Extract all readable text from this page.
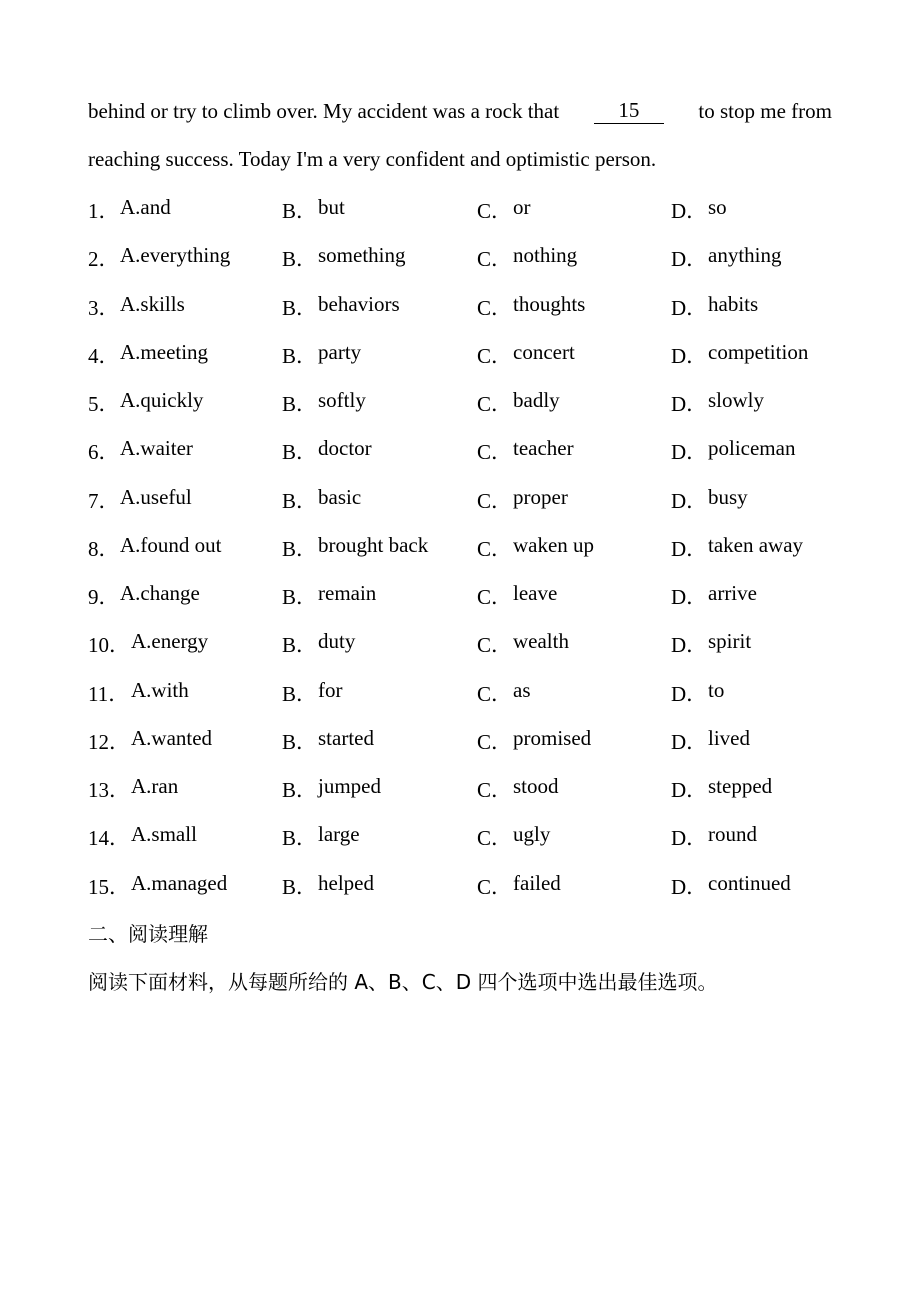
behind or try to climb over. My accident was a rock that	15	to stop me from
reaching success. Today I'm a very confident and optimistic person.
1． A.and	B． but	C． or	D． so
2． A.everything B． something	C． nothing	D． anything
3． A.skills	B． behaviors	C． thoughts	D． habits
4． A.meeting	B． party	C． concert	D． competition
5． A.quickly	B． softly	C． badly	D． slowly
6． A.waiter	B． doctor	C． teacher	D． policeman
7． A.useful	B． basic	C． proper	D． busy
8． A.found out	B． brought back C． waken up	D． taken away
9． A.change	B． remain	C． leave	D． arrive
10． A.energy	B． duty	C． wealth	D． spirit
11． A.with	B． for	C． as	D． to
12． A.wanted	B． started	C． promised	D． lived
13． A.ran	B． jumped	C． stood	D． stepped
14． A.small	B． large	C． ugly	D． round
15． A.managed	B． helped	C． failed	D． continued
二、阅读理解
阅读下面材料，从每题所给的 A、B、C、D 四个选项中选出最佳选项。
